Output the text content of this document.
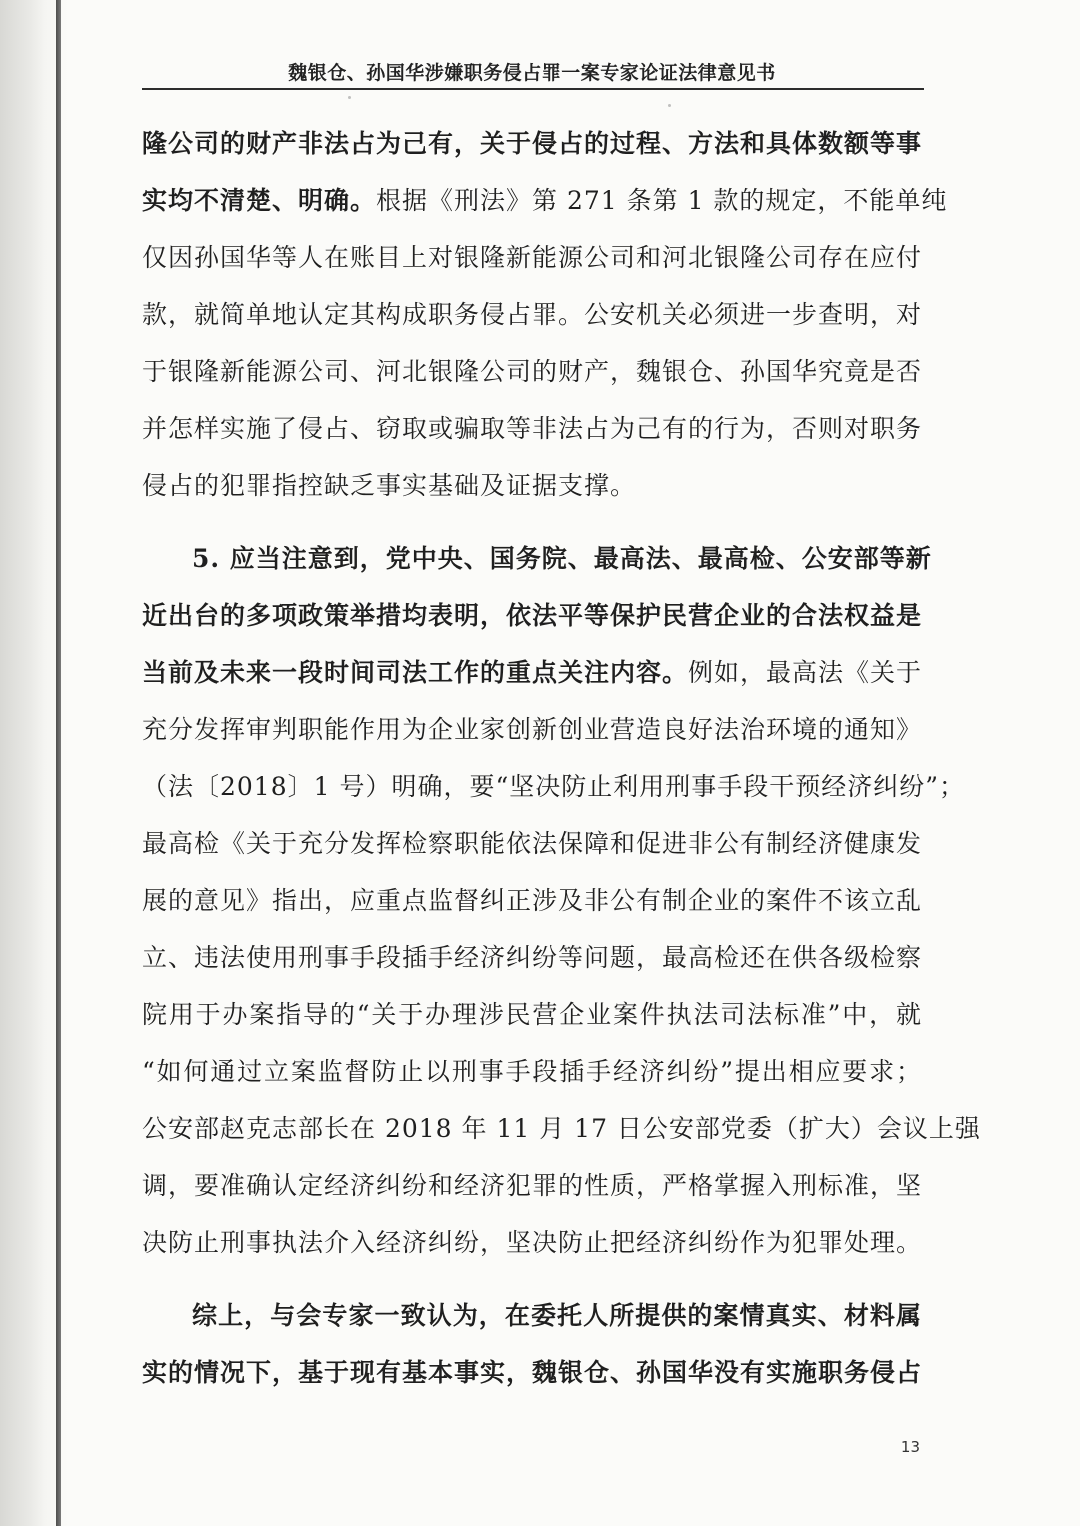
魏银仓、孙国华涉嫌职务侵占罪一案专家论证法律意见书

隆公司的财产非法占为己有，关于侵占的过程、方法和具体数额等事

实均不清楚、明确。根据《刑法》第 271 条第 1 款的规定，不能单纯

仅因孙国华等人在账目上对银隆新能源公司和河北银隆公司存在应付

款，就简单地认定其构成职务侵占罪。公安机关必须进一步查明，对

于银隆新能源公司、河北银隆公司的财产，魏银仓、孙国华究竟是否

并怎样实施了侵占、窃取或骗取等非法占为己有的行为，否则对职务

侵占的犯罪指控缺乏事实基础及证据支撑。

5. 应当注意到，党中央、国务院、最高法、最高检、公安部等新

近出台的多项政策举措均表明，依法平等保护民营企业的合法权益是

当前及未来一段时间司法工作的重点关注内容。例如，最高法《关于

充分发挥审判职能作用为企业家创新创业营造良好法治环境的通知》

（法〔2018〕1 号）明确，要“坚决防止利用刑事手段干预经济纠纷”；

最高检《关于充分发挥检察职能依法保障和促进非公有制经济健康发

展的意见》指出，应重点监督纠正涉及非公有制企业的案件不该立乱

立、违法使用刑事手段插手经济纠纷等问题，最高检还在供各级检察

院用于办案指导的“关于办理涉民营企业案件执法司法标准”中，就

“如何通过立案监督防止以刑事手段插手经济纠纷”提出相应要求；

公安部赵克志部长在 2018 年 11 月 17 日公安部党委（扩大）会议上强

调，要准确认定经济纠纷和经济犯罪的性质，严格掌握入刑标准，坚

决防止刑事执法介入经济纠纷，坚决防止把经济纠纷作为犯罪处理。

综上，与会专家一致认为，在委托人所提供的案情真实、材料属

实的情况下，基于现有基本事实，魏银仓、孙国华没有实施职务侵占

13
